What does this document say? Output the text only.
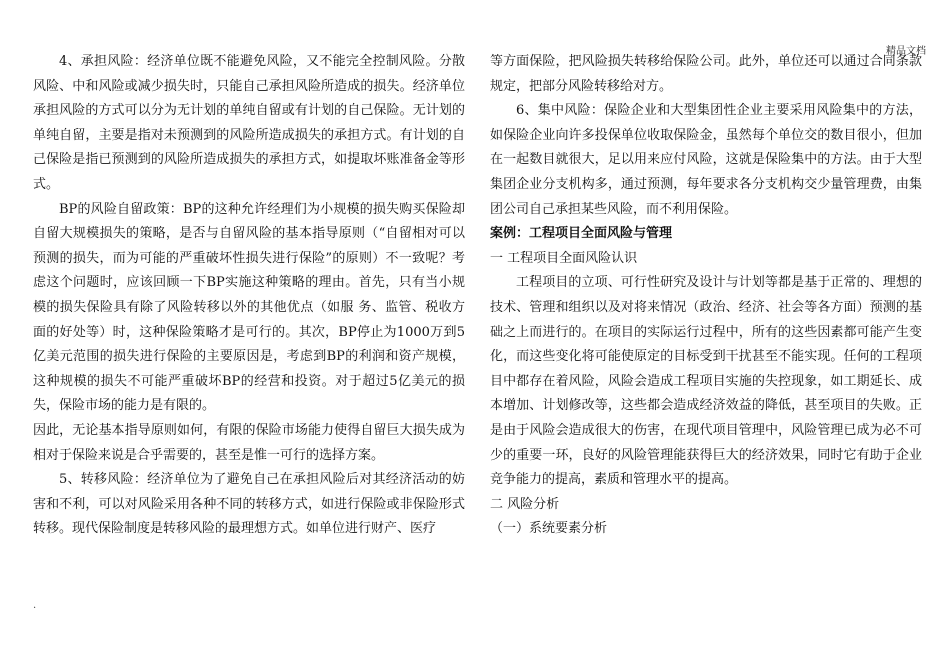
精品文档

4、承担风险：经济单位既不能避免风险，又不能完全控制风险。分散风险、中和风险或减少损失时，只能自己承担风险所造成的损失。经济单位承担风险的方式可以分为无计划的单纯自留或有计划的自己保险。无计划的单纯自留，主要是指对未预测到的风险所造成损失的承担方式。有计划的自己保险是指已预测到的风险所造成损失的承担方式，如提取坏账准备金等形式。

BP的风险自留政策：BP的这种允许经理们为小规模的损失购买保险却自留大规模损失的策略，是否与自留风险的基本指导原则（“自留相对可以预测的损失，而为可能的严重破坏性损失进行保险”的原则）不一致呢？考虑这个问题时，应该回顾一下BP实施这种策略的理由。首先，只有当小规模的损失保险具有除了风险转移以外的其他优点（如服 务、监管、税收方面的好处等）时，这种保险策略才是可行的。其次，BP停止为1000万到5亿美元范围的损失进行保险的主要原因是，考虑到BP的利润和资产规模，这种规模的损失不可能严重破坏BP的经营和投资。对于超过5亿美元的损失，保险市场的能力是有限的。

因此，无论基本指导原则如何，有限的保险市场能力使得自留巨大损失成为相对于保险来说是合乎需要的，甚至是惟一可行的选择方案。

5、转移风险：经济单位为了避免自己在承担风险后对其经济活动的妨害和不利，可以对风险采用各种不同的转移方式，如进行保险或非保险形式转移。现代保险制度是转移风险的最理想方式。如单位进行财产、医疗

等方面保险，把风险损失转移给保险公司。此外，单位还可以通过合同条款规定，把部分风险转移给对方。

6、集中风险：保险企业和大型集团性企业主要采用风险集中的方法，如保险企业向许多投保单位收取保险金，虽然每个单位交的数目很小，但加在一起数目就很大，足以用来应付风险，这就是保险集中的方法。由于大型集团企业分支机构多，通过预测，每年要求各分支机构交少量管理费，由集团公司自己承担某些风险，而不利用保险。

案例：工程项目全面风险与管理

一 工程项目全面风险认识

工程项目的立项、可行性研究及设计与计划等都是基于正常的、理想的技术、管理和组织以及对将来情况（政治、经济、社会等各方面）预测的基础之上而进行的。在项目的实际运行过程中，所有的这些因素都可能产生变化，而这些变化将可能使原定的目标受到干扰甚至不能实现。任何的工程项目中都存在着风险，风险会造成工程项目实施的失控现象，如工期延长、成本增加、计划修改等，这些都会造成经济效益的降低，甚至项目的失败。正是由于风险会造成很大的伤害，在现代项目管理中，风险管理已成为必不可少的重要一环，良好的风险管理能获得巨大的经济效果，同时它有助于企业竞争能力的提高，素质和管理水平的提高。

二 风险分析

（一）系统要素分析

.
